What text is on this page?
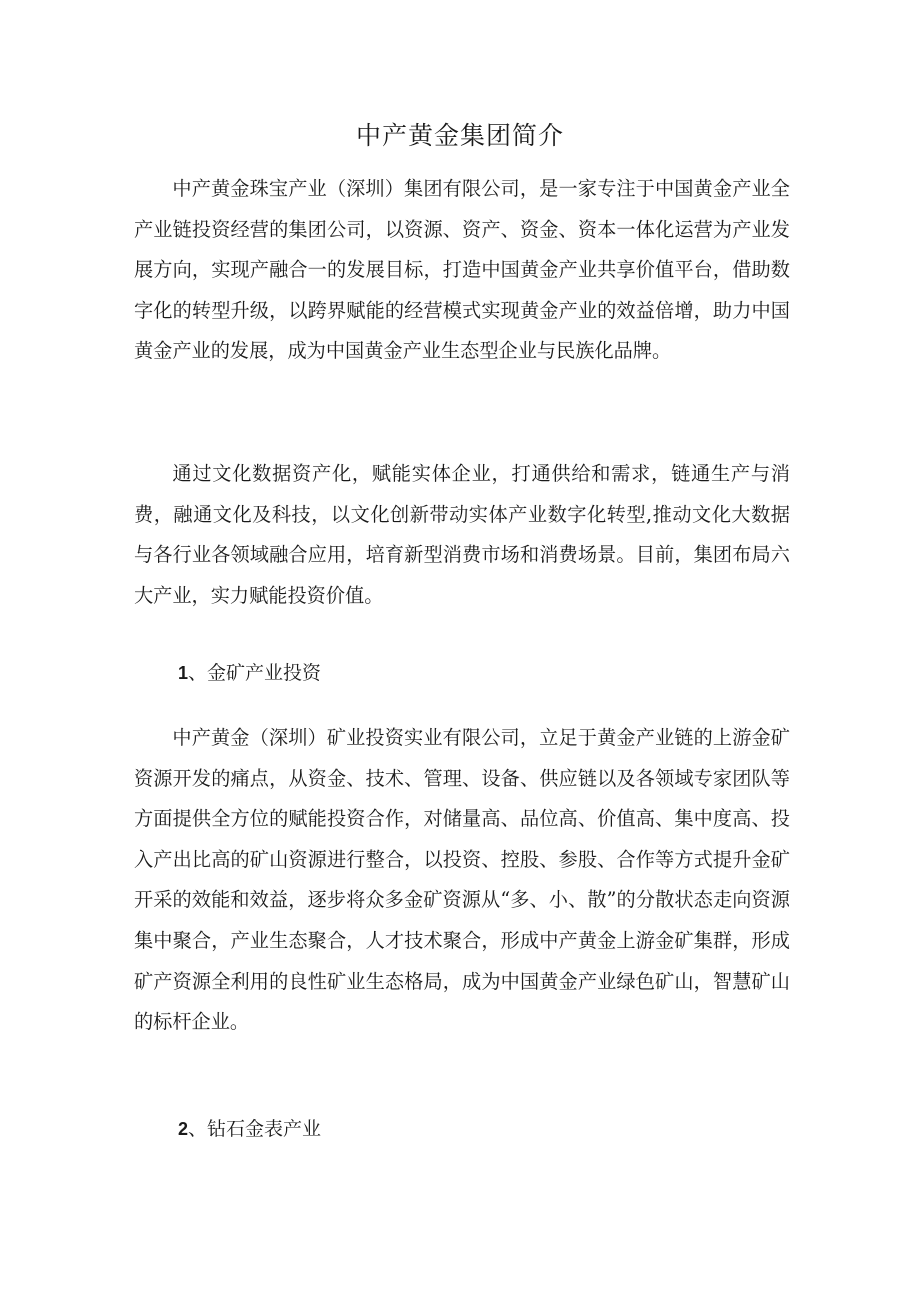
中产黄金集团简介

中产黄金珠宝产业（深圳）集团有限公司，是一家专注于中国黄金产业全产业链投资经营的集团公司，以资源、资产、资金、资本一体化运营为产业发展方向，实现产融合一的发展目标，打造中国黄金产业共享价值平台，借助数字化的转型升级，以跨界赋能的经营模式实现黄金产业的效益倍增，助力中国黄金产业的发展，成为中国黄金产业生态型企业与民族化品牌。

通过文化数据资产化，赋能实体企业，打通供给和需求，链通生产与消费，融通文化及科技，以文化创新带动实体产业数字化转型,推动文化大数据与各行业各领域融合应用，培育新型消费市场和消费场景。目前，集团布局六大产业，实力赋能投资价值。

1、金矿产业投资

中产黄金（深圳）矿业投资实业有限公司，立足于黄金产业链的上游金矿资源开发的痛点，从资金、技术、管理、设备、供应链以及各领域专家团队等方面提供全方位的赋能投资合作，对储量高、品位高、价值高、集中度高、投入产出比高的矿山资源进行整合，以投资、控股、参股、合作等方式提升金矿开采的效能和效益，逐步将众多金矿资源从“多、小、散”的分散状态走向资源集中聚合，产业生态聚合，人才技术聚合，形成中产黄金上游金矿集群，形成矿产资源全利用的良性矿业生态格局，成为中国黄金产业绿色矿山，智慧矿山的标杆企业。

2、钻石金表产业
